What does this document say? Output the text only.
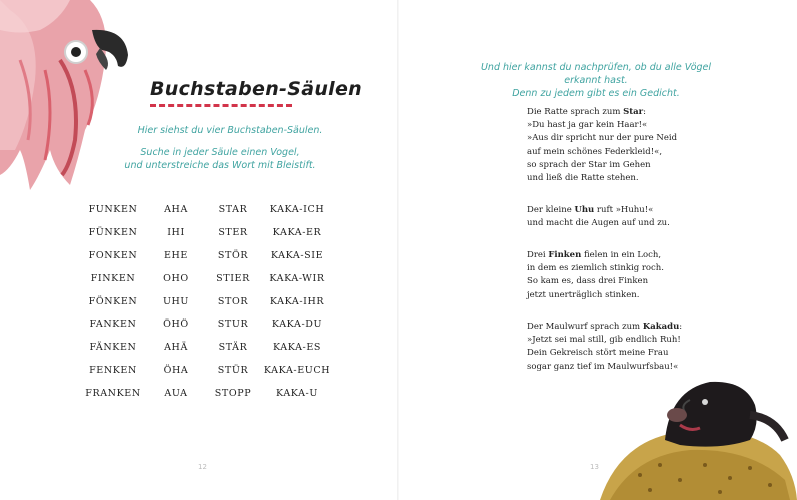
Buchstaben-Säulen
Hier siehst du vier Buchstaben-Säulen.
Suche in jeder Säule einen Vogel,
und unterstreiche das Wort mit Bleistift.
FUNKEN
FÜNKEN
FONKEN
FINKEN
FÖNKEN
FANKEN
FÄNKEN
FENKEN
FRANKEN
AHA
IHI
EHE
OHO
UHU
ÖHÖ
AHÄ
ÖHA
AUA
STAR
STER
STÖR
STIER
STOR
STUR
STÄR
STÜR
STOPP
KAKA-ICH
KAKA-ER
KAKA-SIE
KAKA-WIR
KAKA-IHR
KAKA-DU
KAKA-ES
KAKA-EUCH
KAKA-U
12
Und hier kannst du nachprüfen, ob du alle Vögel erkannt hast.
Denn zu jedem gibt es ein Gedicht.
Die Ratte sprach zum Star:
»Du hast ja gar kein Haar!«
»Aus dir spricht nur der pure Neid
auf mein schönes Federkleid!«,
so sprach der Star im Gehen
und ließ die Ratte stehen.
Der kleine Uhu ruft »Huhu!«
und macht die Augen auf und zu.
Drei Finken fielen in ein Loch,
in dem es ziemlich stinkig roch.
So kam es, dass drei Finken
jetzt unerträglich stinken.
Der Maulwurf sprach zum Kakadu:
»Jetzt sei mal still, gib endlich Ruh!
Dein Gekreisch stört meine Frau
sogar ganz tief im Maulwurfsbau!«
13
